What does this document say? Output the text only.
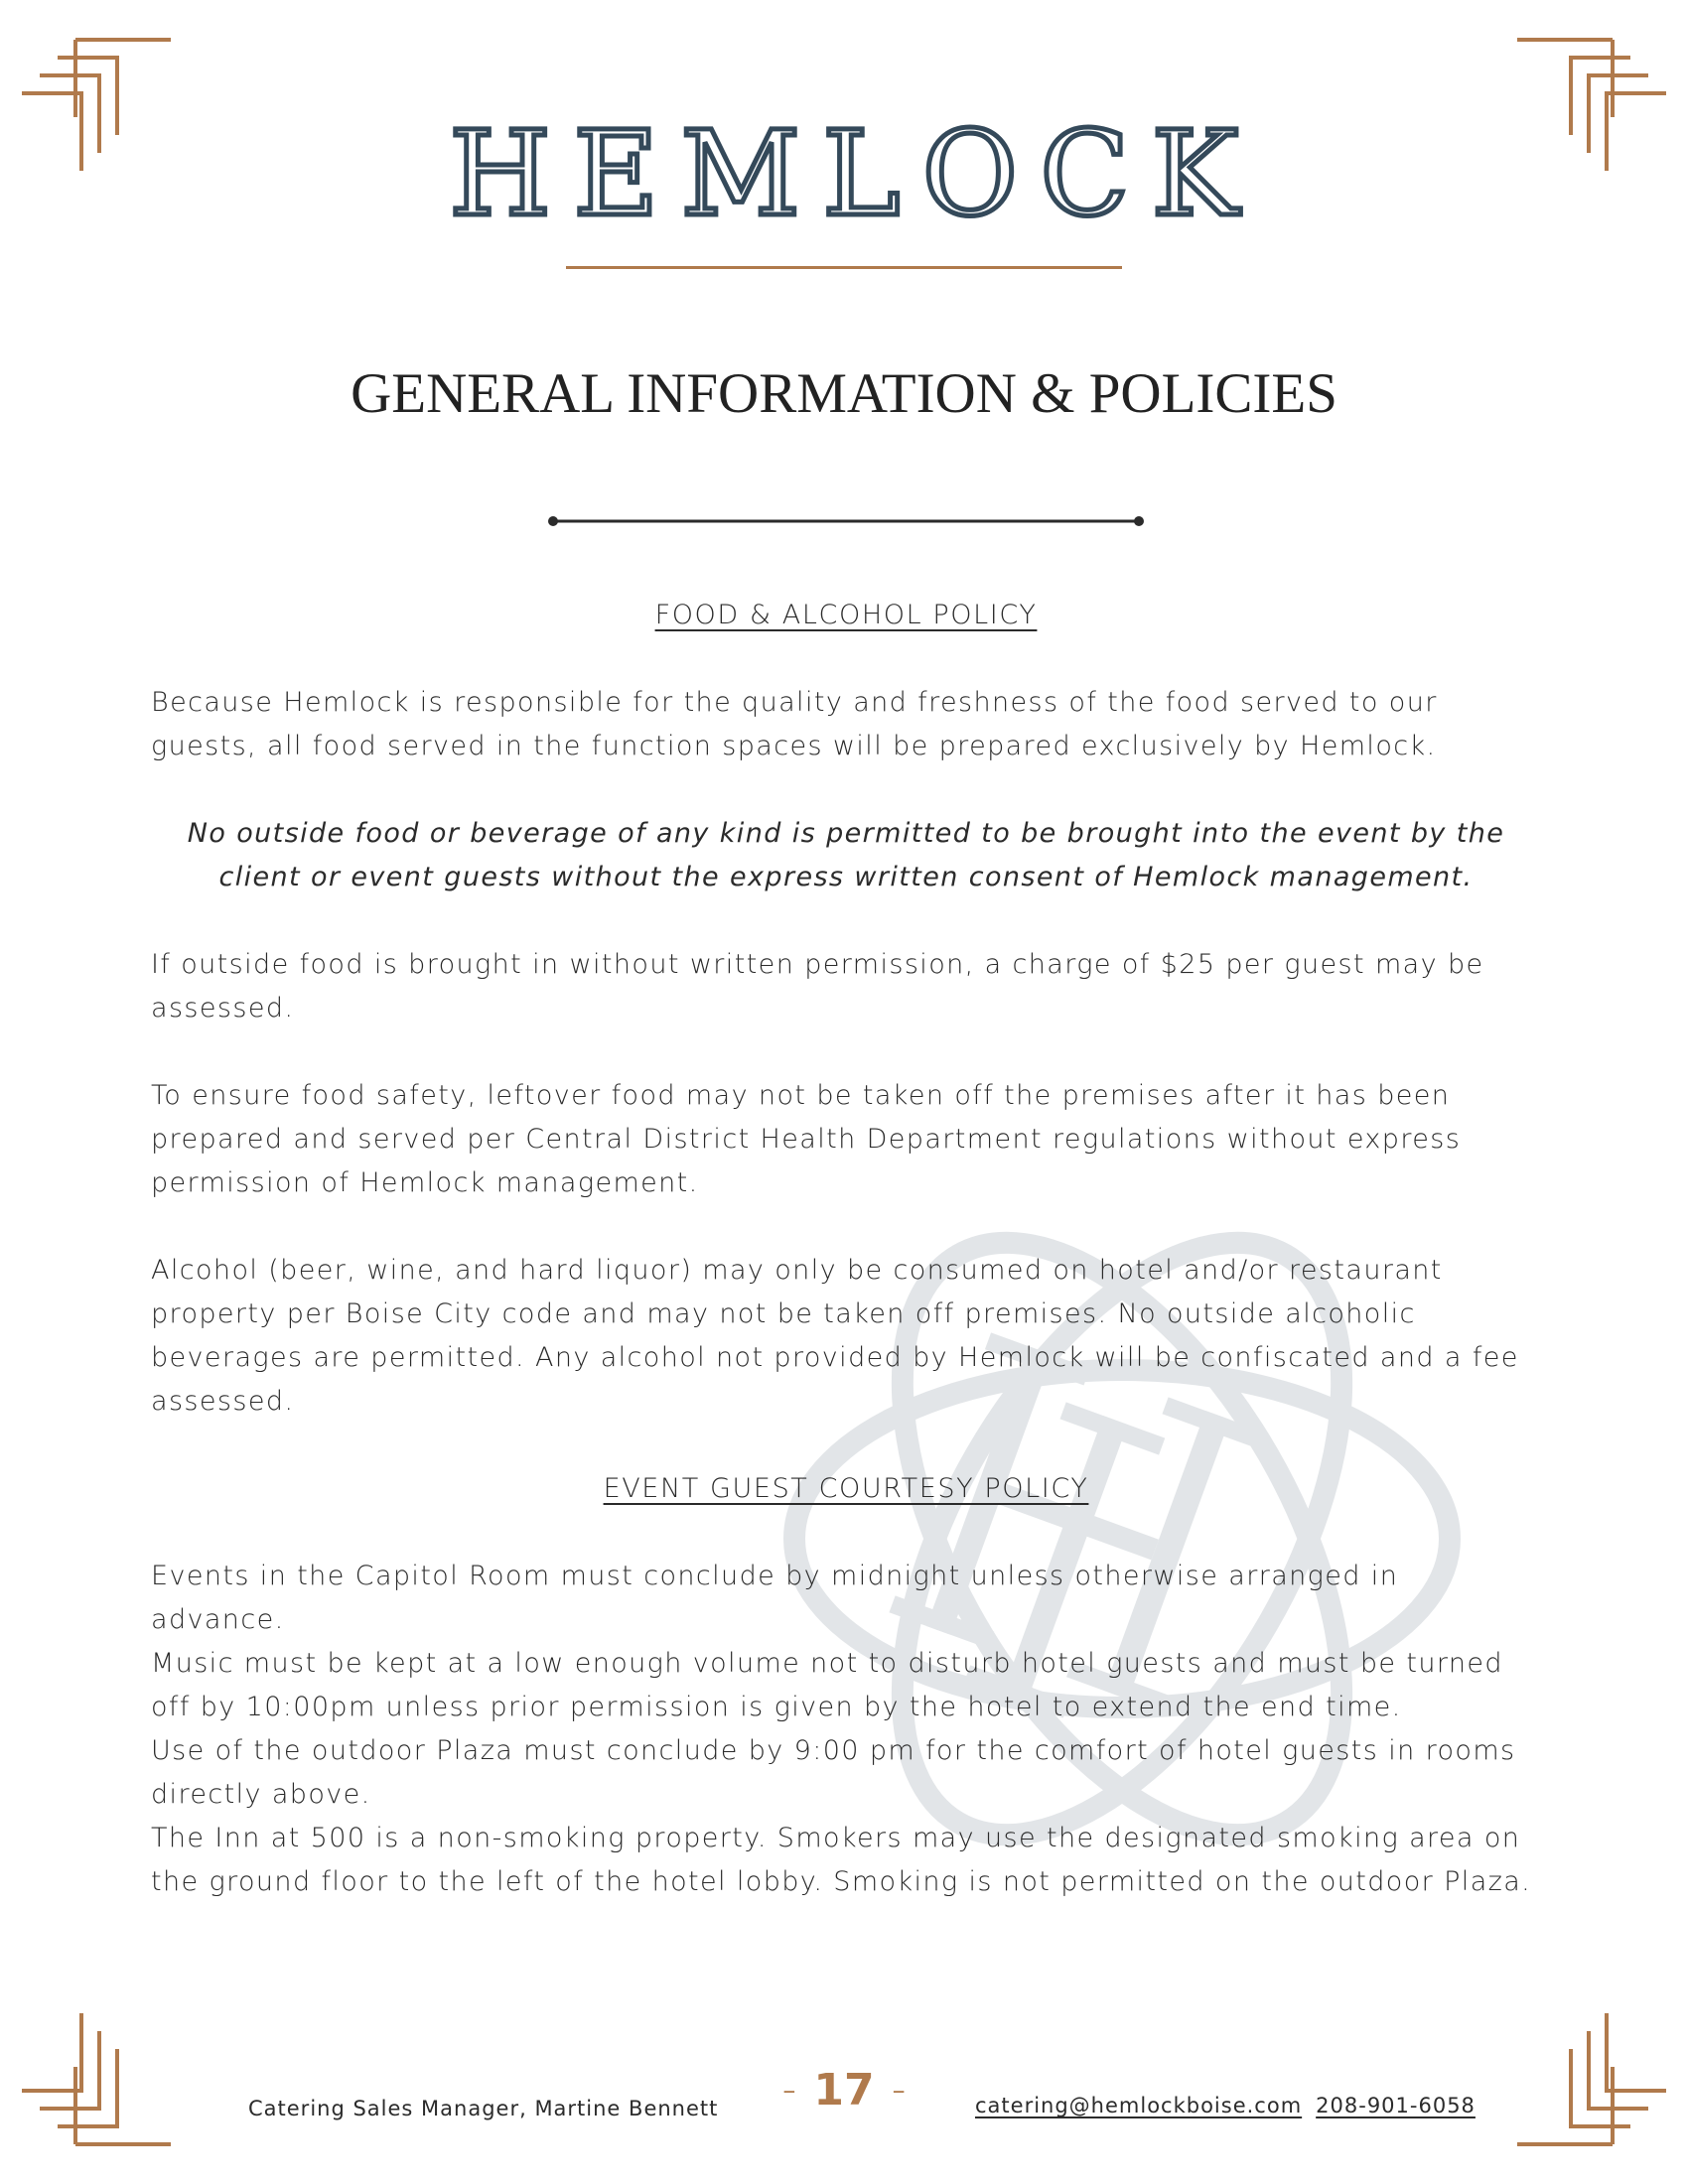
HEMLOCK
GENERAL INFORMATION & POLICIES

FOOD & ALCOHOL POLICY

Because Hemlock is responsible for the quality and freshness of the food served to our guests, all food served in the function spaces will be prepared exclusively by Hemlock.

No outside food or beverage of any kind is permitted to be brought into the event by the client or event guests without the express written consent of Hemlock management.

If outside food is brought in without written permission, a charge of $25 per guest may be assessed.

To ensure food safety, leftover food may not be taken off the premises after it has been prepared and served per Central District Health Department regulations without express permission of Hemlock management.

Alcohol (beer, wine, and hard liquor) may only be consumed on hotel and/or restaurant property per Boise City code and may not be taken off premises. No outside alcoholic beverages are permitted. Any alcohol not provided by Hemlock will be confiscated and a fee assessed.

EVENT GUEST COURTESY POLICY

Events in the Capitol Room must conclude by midnight unless otherwise arranged in advance.

Music must be kept at a low enough volume not to disturb hotel guests and must be turned off by 10:00pm unless prior permission is given by the hotel to extend the end time.

Use of the outdoor Plaza must conclude by 9:00 pm for the comfort of hotel guests in rooms directly above.

The Inn at 500 is a non-smoking property. Smokers may use the designated smoking area on the ground floor to the left of the hotel lobby. Smoking is not permitted on the outdoor Plaza.

Catering Sales Manager, Martine Bennett
– 17 –
catering@hemlockboise.com 208-901-6058
